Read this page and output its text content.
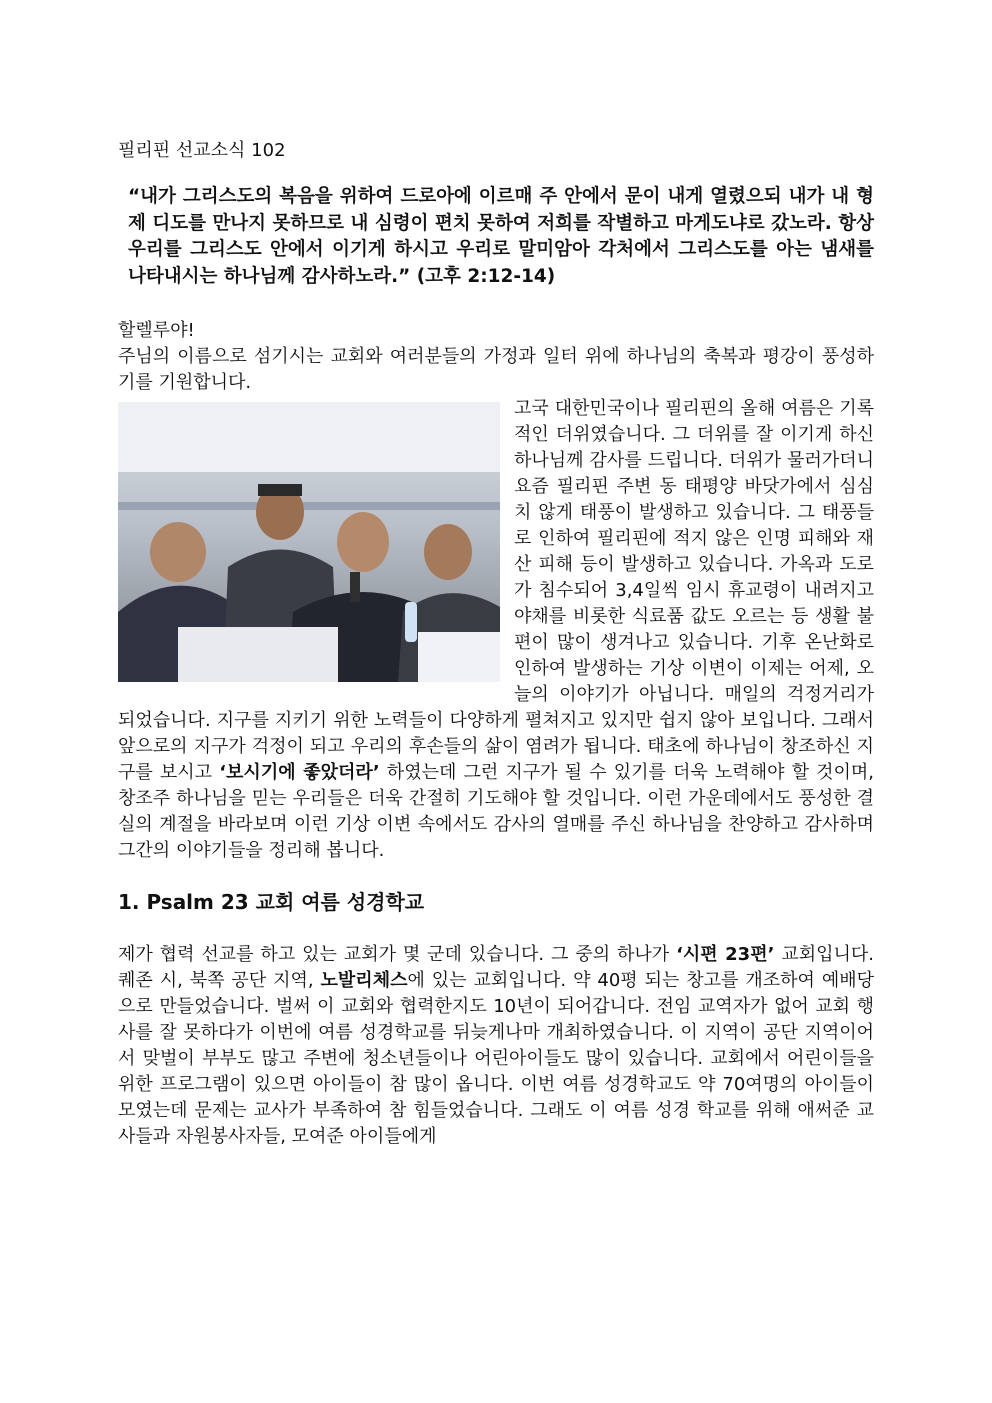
필리핀 선교소식 102

“내가 그리스도의 복음을 위하여 드로아에 이르매 주 안에서 문이 내게 열렸으되 내가 내 형제 디도를 만나지 못하므로 내 심령이 편치 못하여 저희를 작별하고 마게도냐로 갔노라. 항상 우리를 그리스도 안에서 이기게 하시고 우리로 말미암아 각처에서 그리스도를 아는 냄새를 나타내시는 하나님께 감사하노라.” (고후 2:12-14)

할렐루야!

주님의 이름으로 섬기시는 교회와 여러분들의 가정과 일터 위에 하나님의 축복과 평강이 풍성하기를 기원합니다.

고국 대한민국이나 필리핀의 올해 여름은 기록적인 더위였습니다. 그 더위를 잘 이기게 하신 하나님께 감사를 드립니다. 더위가 물러가더니 요즘 필리핀 주변 동 태평양 바닷가에서 심심치 않게 태풍이 발생하고 있습니다. 그 태풍들로 인하여 필리핀에 적지 않은 인명 피해와 재산 피해 등이 발생하고 있습니다. 가옥과 도로가 침수되어 3,4일씩 임시 휴교령이 내려지고 야채를 비롯한 식료품 값도 오르는 등 생활 불편이 많이 생겨나고 있습니다. 기후 온난화로 인하여 발생하는 기상 이변이 이제는 어제, 오늘의 이야기가 아닙니다. 매일의 걱정거리가 되었습니다. 지구를 지키기 위한 노력들이 다양하게 펼쳐지고 있지만 쉽지 않아 보입니다. 그래서 앞으로의 지구가 걱정이 되고 우리의 후손들의 삶이 염려가 됩니다. 태초에 하나님이 창조하신 지구를 보시고 ‘보시기에 좋았더라’ 하였는데 그런 지구가 될 수 있기를 더욱 노력해야 할 것이며, 창조주 하나님을 믿는 우리들은 더욱 간절히 기도해야 할 것입니다. 이런 가운데에서도 풍성한 결실의 계절을 바라보며 이런 기상 이변 속에서도 감사의 열매를 주신 하나님을 찬양하고 감사하며 그간의 이야기들을 정리해 봅니다.

1. Psalm 23 교회 여름 성경학교

제가 협력 선교를 하고 있는 교회가 몇 군데 있습니다. 그 중의 하나가 ‘시편 23편’ 교회입니다. 퀘존 시, 북쪽 공단 지역, 노발리체스에 있는 교회입니다. 약 40평 되는 창고를 개조하여 예배당으로 만들었습니다. 벌써 이 교회와 협력한지도 10년이 되어갑니다. 전임 교역자가 없어 교회 행사를 잘 못하다가 이번에 여름 성경학교를 뒤늦게나마 개최하였습니다. 이 지역이 공단 지역이어서 맞벌이 부부도 많고 주변에 청소년들이나 어린아이들도 많이 있습니다. 교회에서 어린이들을 위한 프로그램이 있으면 아이들이 참 많이 옵니다. 이번 여름 성경학교도 약 70여명의 아이들이 모였는데 문제는 교사가 부족하여 참 힘들었습니다. 그래도 이 여름 성경 학교를 위해 애써준 교사들과 자원봉사자들, 모여준 아이들에게
